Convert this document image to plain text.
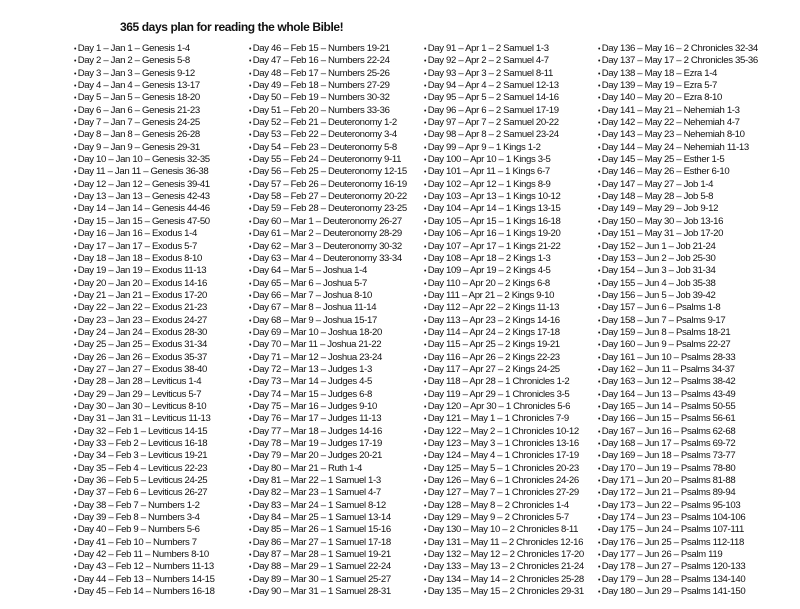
365 days plan for reading the whole Bible!
• Day 1 – Jan 1 – Genesis 1-4
• Day 2 – Jan 2 – Genesis 5-8
• Day 3 – Jan 3 – Genesis 9-12
• Day 4 – Jan 4 – Genesis 13-17
• Day 5 – Jan 5 – Genesis 18-20
• Day 6 – Jan 6 – Genesis 21-23
• Day 7 – Jan 7 – Genesis 24-25
• Day 8 – Jan 8 – Genesis 26-28
• Day 9 – Jan 9 – Genesis 29-31
• Day 10 – Jan 10 – Genesis 32-35
• Day 11 – Jan 11 – Genesis 36-38
• Day 12 – Jan 12 – Genesis 39-41
• Day 13 – Jan 13 – Genesis 42-43
• Day 14 – Jan 14 – Genesis 44-46
• Day 15 – Jan 15 – Genesis 47-50
• Day 16 – Jan 16 – Exodus 1-4
• Day 17 – Jan 17 – Exodus 5-7
• Day 18 – Jan 18 – Exodus 8-10
• Day 19 – Jan 19 – Exodus 11-13
• Day 20 – Jan 20 – Exodus 14-16
• Day 21 – Jan 21 – Exodus 17-20
• Day 22 – Jan 22 – Exodus 21-23
• Day 23 – Jan 23 – Exodus 24-27
• Day 24 – Jan 24 – Exodus 28-30
• Day 25 – Jan 25 – Exodus 31-34
• Day 26 – Jan 26 – Exodus 35-37
• Day 27 – Jan 27 – Exodus 38-40
• Day 28 – Jan 28 – Leviticus 1-4
• Day 29 – Jan 29 – Leviticus 5-7
• Day 30 – Jan 30 – Leviticus 8-10
• Day 31 – Jan 31 – Leviticus 11-13
• Day 32 – Feb 1 – Leviticus 14-15
• Day 33 – Feb 2 – Leviticus 16-18
• Day 34 – Feb 3 – Leviticus 19-21
• Day 35 – Feb 4 – Leviticus 22-23
• Day 36 – Feb 5 – Leviticus 24-25
• Day 37 – Feb 6 – Leviticus 26-27
• Day 38 – Feb 7 – Numbers 1-2
• Day 39 – Feb 8 – Numbers 3-4
• Day 40 – Feb 9 – Numbers 5-6
• Day 41 – Feb 10 – Numbers 7
• Day 42 – Feb 11 – Numbers 8-10
• Day 43 – Feb 12 – Numbers 11-13
• Day 44 – Feb 13 – Numbers 14-15
• Day 45 – Feb 14 – Numbers 16-18
• Day 46 – Feb 15 – Numbers 19-21
• Day 47 – Feb 16 – Numbers 22-24
• Day 48 – Feb 17 – Numbers 25-26
• Day 49 – Feb 18 – Numbers 27-29
• Day 50 – Feb 19 – Numbers 30-32
• Day 51 – Feb 20 – Numbers 33-36
• Day 52 – Feb 21 – Deuteronomy 1-2
• Day 53 – Feb 22 – Deuteronomy 3-4
• Day 54 – Feb 23 – Deuteronomy 5-8
• Day 55 – Feb 24 – Deuteronomy 9-11
• Day 56 – Feb 25 – Deuteronomy 12-15
• Day 57 – Feb 26 – Deuteronomy 16-19
• Day 58 – Feb 27 – Deuteronomy 20-22
• Day 59 – Feb 28 – Deuteronomy 23-25
• Day 60 – Mar 1 – Deuteronomy 26-27
• Day 61 – Mar 2 – Deuteronomy 28-29
• Day 62 – Mar 3 – Deuteronomy 30-32
• Day 63 – Mar 4 – Deuteronomy 33-34
• Day 64 – Mar 5 – Joshua 1-4
• Day 65 – Mar 6 – Joshua 5-7
• Day 66 – Mar 7 – Joshua 8-10
• Day 67 – Mar 8 – Joshua 11-14
• Day 68 – Mar 9 – Joshua 15-17
• Day 69 – Mar 10 – Joshua 18-20
• Day 70 – Mar 11 – Joshua 21-22
• Day 71 – Mar 12 – Joshua 23-24
• Day 72 – Mar 13 – Judges 1-3
• Day 73 – Mar 14 – Judges 4-5
• Day 74 – Mar 15 – Judges 6-8
• Day 75 – Mar 16 – Judges 9-10
• Day 76 – Mar 17 – Judges 11-13
• Day 77 – Mar 18 – Judges 14-16
• Day 78 – Mar 19 – Judges 17-19
• Day 79 – Mar 20 – Judges 20-21
• Day 80 – Mar 21 – Ruth 1-4
• Day 81 – Mar 22 – 1 Samuel 1-3
• Day 82 – Mar 23 – 1 Samuel 4-7
• Day 83 – Mar 24 – 1 Samuel 8-12
• Day 84 – Mar 25 – 1 Samuel 13-14
• Day 85 – Mar 26 – 1 Samuel 15-16
• Day 86 – Mar 27 – 1 Samuel 17-18
• Day 87 – Mar 28 – 1 Samuel 19-21
• Day 88 – Mar 29 – 1 Samuel 22-24
• Day 89 – Mar 30 – 1 Samuel 25-27
• Day 90 – Mar 31 – 1 Samuel 28-31
• Day 91 – Apr 1 – 2 Samuel 1-3
• Day 92 – Apr 2 – 2 Samuel 4-7
• Day 93 – Apr 3 – 2 Samuel 8-11
• Day 94 – Apr 4 – 2 Samuel 12-13
• Day 95 – Apr 5 – 2 Samuel 14-16
• Day 96 – Apr 6 – 2 Samuel 17-19
• Day 97 – Apr 7 – 2 Samuel 20-22
• Day 98 – Apr 8 – 2 Samuel 23-24
• Day 99 – Apr 9 – 1 Kings 1-2
• Day 100 – Apr 10 – 1 Kings 3-5
• Day 101 – Apr 11 – 1 Kings 6-7
• Day 102 – Apr 12 – 1 Kings 8-9
• Day 103 – Apr 13 – 1 Kings 10-12
• Day 104 – Apr 14 – 1 Kings 13-15
• Day 105 – Apr 15 – 1 Kings 16-18
• Day 106 – Apr 16 – 1 Kings 19-20
• Day 107 – Apr 17 – 1 Kings 21-22
• Day 108 – Apr 18 – 2 Kings 1-3
• Day 109 – Apr 19 – 2 Kings 4-5
• Day 110 – Apr 20 – 2 Kings 6-8
• Day 111 – Apr 21 – 2 Kings 9-10
• Day 112 – Apr 22 – 2 Kings 11-13
• Day 113 – Apr 23 – 2 Kings 14-16
• Day 114 – Apr 24 – 2 Kings 17-18
• Day 115 – Apr 25 – 2 Kings 19-21
• Day 116 – Apr 26 – 2 Kings 22-23
• Day 117 – Apr 27 – 2 Kings 24-25
• Day 118 – Apr 28 – 1 Chronicles 1-2
• Day 119 – Apr 29 – 1 Chronicles 3-5
• Day 120 – Apr 30 – 1 Chronicles 5-6
• Day 121 – May 1 – 1 Chronicles 7-9
• Day 122 – May 2 – 1 Chronicles 10-12
• Day 123 – May 3 – 1 Chronicles 13-16
• Day 124 – May 4 – 1 Chronicles 17-19
• Day 125 – May 5 – 1 Chronicles 20-23
• Day 126 – May 6 – 1 Chronicles 24-26
• Day 127 – May 7 – 1 Chronicles 27-29
• Day 128 – May 8 – 2 Chronicles 1-4
• Day 129 – May 9 – 2 Chronicles 5-7
• Day 130 – May 10 – 2 Chronicles 8-11
• Day 131 – May 11 – 2 Chronicles 12-16
• Day 132 – May 12 – 2 Chronicles 17-20
• Day 133 – May 13 – 2 Chronicles 21-24
• Day 134 – May 14 – 2 Chronicles 25-28
• Day 135 – May 15 – 2 Chronicles 29-31
• Day 136 – May 16 – 2 Chronicles 32-34
• Day 137 – May 17 – 2 Chronicles 35-36
• Day 138 – May 18 – Ezra 1-4
• Day 139 – May 19 – Ezra 5-7
• Day 140 – May 20 – Ezra 8-10
• Day 141 – May 21 – Nehemiah 1-3
• Day 142 – May 22 – Nehemiah 4-7
• Day 143 – May 23 – Nehemiah 8-10
• Day 144 – May 24 – Nehemiah 11-13
• Day 145 – May 25 – Esther 1-5
• Day 146 – May 26 – Esther 6-10
• Day 147 – May 27 – Job 1-4
• Day 148 – May 28 – Job 5-8
• Day 149 – May 29 – Job 9-12
• Day 150 – May 30 – Job 13-16
• Day 151 – May 31 – Job 17-20
• Day 152 – Jun 1 – Job 21-24
• Day 153 – Jun 2 – Job 25-30
• Day 154 – Jun 3 – Job 31-34
• Day 155 – Jun 4 – Job 35-38
• Day 156 – Jun 5 – Job 39-42
• Day 157 – Jun 6 – Psalms 1-8
• Day 158 – Jun 7 – Psalms 9-17
• Day 159 – Jun 8 – Psalms 18-21
• Day 160 – Jun 9 – Psalms 22-27
• Day 161 – Jun 10 – Psalms 28-33
• Day 162 – Jun 11 – Psalms 34-37
• Day 163 – Jun 12 – Psalms 38-42
• Day 164 – Jun 13 – Psalms 43-49
• Day 165 – Jun 14 – Psalms 50-55
• Day 166 – Jun 15 – Psalms 56-61
• Day 167 – Jun 16 – Psalms 62-68
• Day 168 – Jun 17 – Psalms 69-72
• Day 169 – Jun 18 – Psalms 73-77
• Day 170 – Jun 19 – Psalms 78-80
• Day 171 – Jun 20 – Psalms 81-88
• Day 172 – Jun 21 – Psalms 89-94
• Day 173 – Jun 22 – Psalms 95-103
• Day 174 – Jun 23 – Psalms 104-106
• Day 175 – Jun 24 – Psalms 107-111
• Day 176 – Jun 25 – Psalms 112-118
• Day 177 – Jun 26 – Psalm 119
• Day 178 – Jun 27 – Psalms 120-133
• Day 179 – Jun 28 – Psalms 134-140
• Day 180 – Jun 29 – Psalms 141-150
